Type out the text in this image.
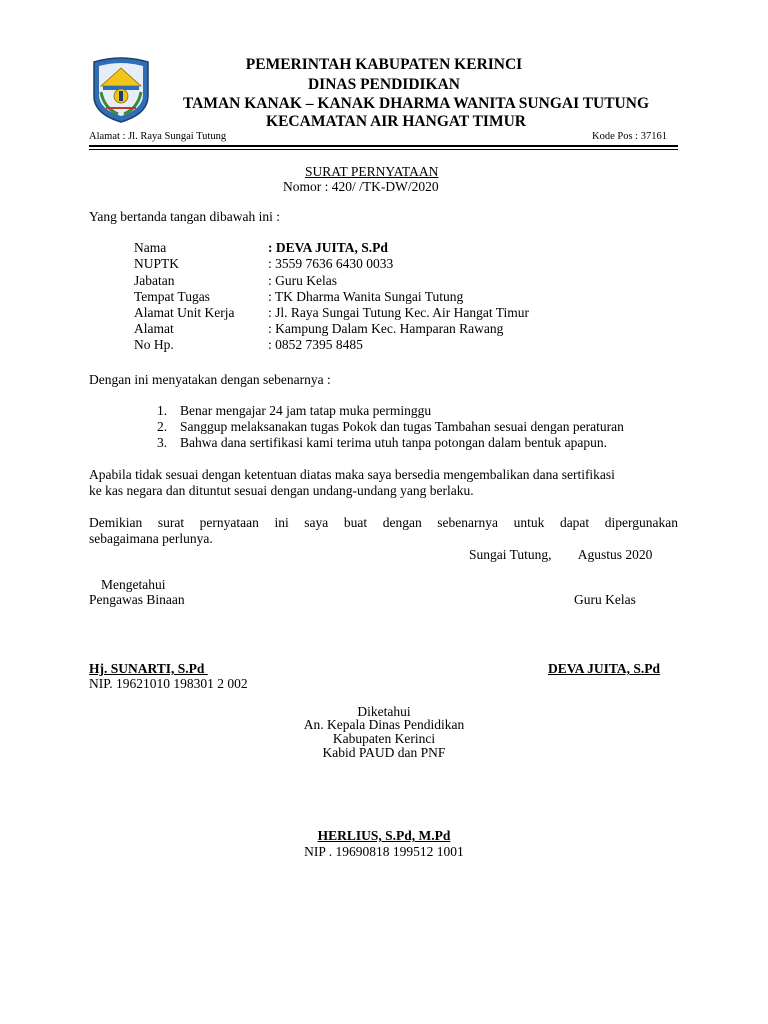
PEMERINTAH KABUPATEN KERINCI
DINAS PENDIDIKAN
TAMAN KANAK – KANAK DHARMA WANITA SUNGAI TUTUNG
KECAMATAN AIR HANGAT TIMUR
Alamat : Jl. Raya Sungai Tutung	Kode Pos : 37161
SURAT PERNYATAAN
Nomor : 420/ /TK-DW/2020
Yang bertanda tangan dibawah ini :
Nama	: DEVA JUITA, S.Pd
NUPTK	: 3559 7636 6430 0033
Jabatan	: Guru Kelas
Tempat Tugas	: TK Dharma Wanita Sungai Tutung
Alamat Unit Kerja : Jl. Raya Sungai Tutung Kec. Air Hangat Timur
Alamat	: Kampung Dalam Kec. Hamparan Rawang
No Hp.	: 0852 7395 8485
Dengan ini menyatakan dengan sebenarnya :
1. Benar mengajar 24 jam tatap muka perminggu
2. Sanggup melaksanakan tugas Pokok dan tugas Tambahan sesuai dengan peraturan
3. Bahwa dana sertifikasi kami terima utuh tanpa potongan dalam bentuk apapun.
Apabila tidak sesuai dengan ketentuan diatas maka saya bersedia mengembalikan dana sertifikasi
ke kas negara dan dituntut sesuai dengan undang-undang yang berlaku.
Demikian surat pernyataan ini saya buat dengan sebenarnya untuk dapat dipergunakan
sebagaimana perlunya.
Sungai Tutung,        Agustus 2020
Mengetahui
Pengawas Binaan	Guru Kelas
Hj. SUNARTI, S.Pd	DEVA JUITA, S.Pd
NIP. 19621010 198301 2 002
Diketahui
An. Kepala Dinas Pendidikan
Kabupaten Kerinci
Kabid PAUD dan PNF
HERLIUS, S.Pd, M.Pd
NIP . 19690818 199512 1001
